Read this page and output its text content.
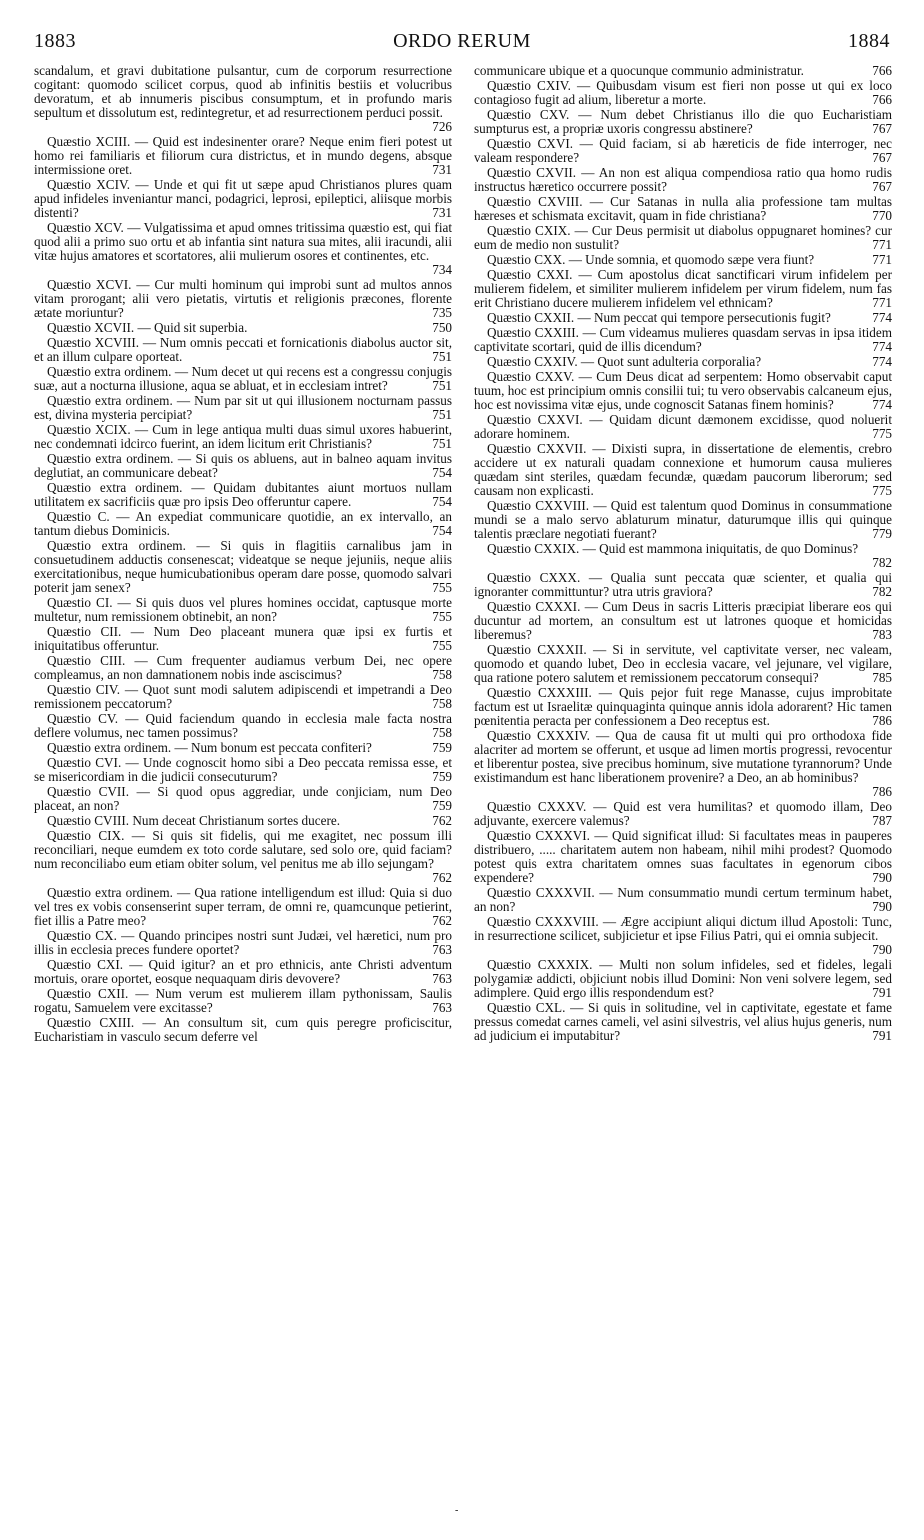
ORDO RERUM
1883	1884
scandalum, et gravi dubitatione pulsantur, cum de corporum resurrectione cogitant: quomodo scilicet corpus, quod ab infinitis bestiis et volucribus devoratum, et ab innumeris piscibus consumptum, et in profundo maris sepultum et dissolutum est, redintegretur, et ad resurrectionem perduci possit.
726
Quæstio XCIII. — Quid est indesinenter orare? Neque enim fieri potest ut homo rei familiaris et filiorum cura districtus, et in mundo degens, absque intermissione oret.	731
Quæstio XCIV. — Unde et qui fit ut sæpe apud Christianos plures quam apud infideles inveniantur manci, podagrici, leprosi, epileptici, aliisque morbis distenti?	731
Quæstio XCV. — Vulgatissima et apud omnes tritissima quæstio est, qui fiat quod alii a primo suo ortu et ab infantia sint natura sua mites, alii iracundi, alii vitæ hujus amatores et scortatores, alii mulierum osores et continentes, etc.
734
Quæstio XCVI. — Cur multi hominum qui improbi sunt ad multos annos vitam prorogant; alii vero pietatis, virtutis et religionis præcones, florente ætate moriuntur?	735
Quæstio XCVII. — Quid sit superbia.	750
Quæstio XCVIII. — Num omnis peccati et fornicationis diabolus auctor sit, et an illum culpare oporteat.	751
Quæstio extra ordinem. — Num decet ut qui recens est a congressu conjugis suæ, aut a nocturna illusione, aqua se abluat, et in ecclesiam intret?	751
Quæstio extra ordinem. — Num par sit ut qui illusionem nocturnam passus est, divina mysteria percipiat?	751
Quæstio XCIX. — Cum in lege antiqua multi duas simul uxores habuerint, nec condemnati idcirco fuerint, an idem licitum erit Christianis?	751
Quæstio extra ordinem. — Si quis os abluens, aut in balneo aquam invitus deglutiat, an communicare debeat?	754
Quæstio extra ordinem. — Quidam dubitantes aiunt mortuos nullam utilitatem ex sacrificiis quæ pro ipsis Deo offeruntur capere.	754
Quæstio C. — An expediat communicare quotidie, an ex intervallo, an tantum diebus Dominicis.	754
Quæstio extra ordinem. — Si quis in flagitiis carnalibus jam in consuetudinem adductis consenescat; videatque se neque jejuniis, neque aliis exercitationibus, neque humicubationibus operam dare posse, quomodo salvari poterit jam senex?	755
Quæstio CI. — Si quis duos vel plures homines occidat, captusque morte multetur, num remissionem obtinebit, an non?	755
Quæstio CII. — Num Deo placeant munera quæ ipsi ex furtis et iniquitatibus offeruntur.	755
Quæstio CIII. — Cum frequenter audiamus verbum Dei, nec opere compleamus, an non damnationem nobis inde asciscimus?	758
Quæstio CIV. — Quot sunt modi salutem adipiscendi et impetrandi a Deo remissionem peccatorum?	758
Quæstio CV. — Quid faciendum quando in ecclesia male facta nostra deflere volumus, nec tamen possimus?	758
Quæstio extra ordinem. — Num bonum est peccata confiteri?	759
Quæstio CVI. — Unde cognoscit homo sibi a Deo peccata remissa esse, et se misericordiam in die judicii consecuturum?	759
Quæstio CVII. — Si quod opus aggrediar, unde conjiciam, num Deo placeat, an non?	759
Quæstio CVIII. Num deceat Christianum sortes ducere.	762
Quæstio CIX. — Si quis sit fidelis, qui me exagitet, nec possum illi reconciliari, neque eumdem ex toto corde salutare, sed solo ore, quid faciam? num reconciliabo eum etiam obiter solum, vel penitus me ab illo sejungam?
762
Quæstio extra ordinem. — Qua ratione intelligendum est illud: Quia si duo vel tres ex vobis consenserint super terram, de omni re, quamcunque petierint, fiet illis a Patre meo?	762
Quæstio CX. — Quando principes nostri sunt Judæi, vel hæretici, num pro illis in ecclesia preces fundere oportet?	763
Quæstio CXI. — Quid igitur? an et pro ethnicis, ante Christi adventum mortuis, orare oportet, eosque nequaquam diris devovere?	763
Quæstio CXII. — Num verum est mulierem illam pythonissam, Saulis rogatu, Samuelem vere excitasse?	763
Quæstio CXIII. — An consultum sit, cum quis peregre proficiscitur, Eucharistiam in vasculo secum deferre vel
communicare ubique et a quocunque communio administratur.	766
Quæstio CXIV. — Quibusdam visum est fieri non posse ut qui ex loco contagioso fugit ad alium, liberetur a morte.	766
Quæstio CXV. — Num debet Christianus illo die quo Eucharistiam sumpturus est, a propriæ uxoris congressu abstinere?	767
Quæstio CXVI. — Quid faciam, si ab hæreticis de fide interroger, nec valeam respondere?	767
Quæstio CXVII. — An non est aliqua compendiosa ratio qua homo rudis instructus hæretico occurrere possit?	767
Quæstio CXVIII. — Cur Satanas in nulla alia professione tam multas hæreses et schismata excitavit, quam in fide christiana?	770
Quæstio CXIX. — Cur Deus permisit ut diabolus oppugnaret homines? cur eum de medio non sustulit?	771
Quæstio CXX. — Unde somnia, et quomodo sæpe vera fiunt?	771
Quæstio CXXI. — Cum apostolus dicat sanctificari virum infidelem per mulierem fidelem, et similiter mulierem infidelem per virum fidelem, num fas erit Christiano ducere mulierem infidelem vel ethnicam?	771
Quæstio CXXII. — Num peccat qui tempore persecutionis fugit?	774
Quæstio CXXIII. — Cum videamus mulieres quasdam servas in ipsa itidem captivitate scortari, quid de illis dicendum?	774
Quæstio CXXIV. — Quot sunt adulteria corporalia?	774
Quæstio CXXV. — Cum Deus dicat ad serpentem: Homo observabit caput tuum, hoc est principium omnis consilii tui; tu vero observabis calcaneum ejus, hoc est novissima vitæ ejus, unde cognoscit Satanas finem hominis?	774
Quæstio CXXVI. — Quidam dicunt dæmonem excidisse, quod noluerit adorare hominem.	775
Quæstio CXXVII. — Dixisti supra, in dissertatione de elementis, crebro accidere ut ex naturali quadam connexione et humorum causa mulieres quædam sint steriles, quædam fecundæ, quædam paucorum liberorum; sed causam non explicasti.	775
Quæstio CXXVIII. — Quid est talentum quod Dominus in consummatione mundi se a malo servo ablaturum minatur, daturumque illis qui quinque talentis præclare negotiati fuerant?	779
Quæstio CXXIX. — Quid est mammona iniquitatis, de quo Dominus?
782
Quæstio CXXX. — Qualia sunt peccata quæ scienter, et qualia qui ignoranter committuntur? utra utris graviora?	782
Quæstio CXXXI. — Cum Deus in sacris Litteris præcipiat liberare eos qui ducuntur ad mortem, an consultum est ut latrones quoque et homicidas liberemus?	783
Quæstio CXXXII. — Si in servitute, vel captivitate verser, nec valeam, quomodo et quando lubet, Deo in ecclesia vacare, vel jejunare, vel vigilare, qua ratione potero salutem et remissionem peccatorum consequi?	785
Quæstio CXXXIII. — Quis pejor fuit rege Manasse, cujus improbitate factum est ut Israelitæ quinquaginta quinque annis idola adorarent? Hic tamen pœnitentia peracta per confessionem a Deo receptus est.	786
Quæstio CXXXIV. — Qua de causa fit ut multi qui pro orthodoxa fide alacriter ad mortem se offerunt, et usque ad limen mortis progressi, revocentur et liberentur postea, sive precibus hominum, sive mutatione tyrannorum? Unde existimandum est hanc liberationem provenire? a Deo, an ab hominibus?
786
Quæstio CXXXV. — Quid est vera humilitas? et quomodo illam, Deo adjuvante, exercere valemus?	787
Quæstio CXXXVI. — Quid significat illud: Si facultates meas in pauperes distribuero, ..... charitatem autem non habeam, nihil mihi prodest? Quomodo potest quis extra charitatem omnes suas facultates in egenorum cibos expendere?	790
Quæstio CXXXVII. — Num consummatio mundi certum terminum habet, an non?	790
Quæstio CXXXVIII. — Ægre accipiunt aliqui dictum illud Apostoli: Tunc, in resurrectione scilicet, subjicietur et ipse Filius Patri, qui ei omnia subjecit.
790
Quæstio CXXXIX. — Multi non solum infideles, sed et fideles, legali polygamiæ addicti, objiciunt nobis illud Domini: Non veni solvere legem, sed adimplere. Quid ergo illis respondendum est?	791
Quæstio CXL. — Si quis in solitudine, vel in captivitate, egestate et fame pressus comedat carnes cameli, vel asini silvestris, vel alius hujus generis, num ad judicium ei imputabitur?	791
-
